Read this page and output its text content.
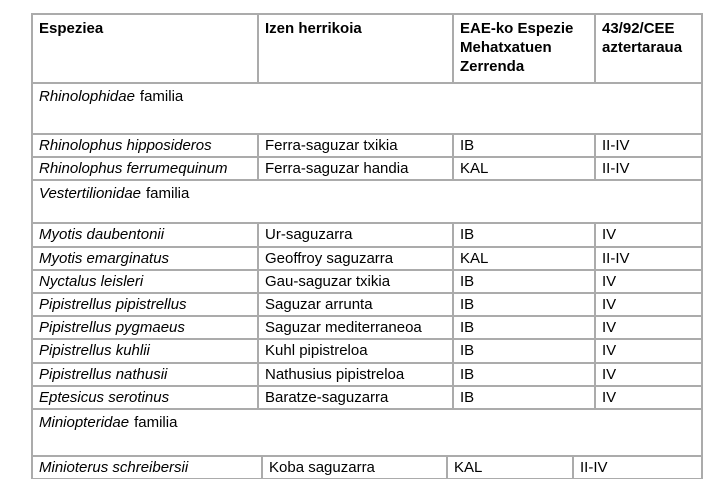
Espeziea	Izen herrikoia	EAE-ko Espezie Mehatxatuen Zerrenda	43/92/CEE aztertaraua
Rhinolophidae familia			
Rhinolophus hipposideros	Ferra-saguzar txikia	IB	II-IV
Rhinolophus ferrumequinum	Ferra-saguzar handia	KAL	II-IV
Vestertilionidae familia			
Myotis daubentonii	Ur-saguzarra	IB	IV
Myotis emarginatus	Geoffroy saguzarra	KAL	II-IV
Nyctalus leisleri	Gau-saguzar txikia	IB	IV
Pipistrellus pipistrellus	Saguzar arrunta	IB	IV
Pipistrellus pygmaeus	Saguzar mediterraneoa	IB	IV
Pipistrellus kuhlii	Kuhl pipistreloa	IB	IV
Pipistrellus nathusii	Nathusius pipistreloa	IB	IV
Eptesicus serotinus	Baratze-saguzarra	IB	IV
Miniopteridae familia			
Minioterus schreibersii	Koba saguzarra	KAL	II-IV
